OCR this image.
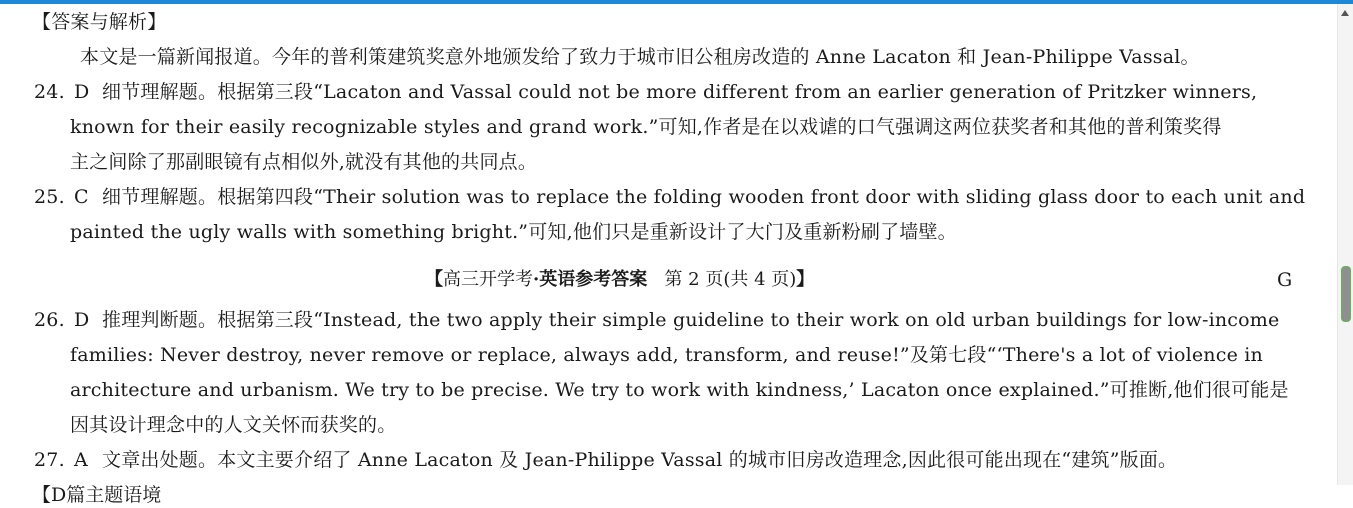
【答案与解析】
本文是一篇新闻报道。今年的普利策建筑奖意外地颁发给了致力于城市旧公租房改造的 Anne Lacaton 和 Jean-Philippe Vassal。
24. D 细节理解题。根据第三段“Lacaton and Vassal could not be more different from an earlier generation of Pritzker winners,
known for their easily recognizable styles and grand work.”可知,作者是在以戏谑的口气强调这两位获奖者和其他的普利策奖得
主之间除了那副眼镜有点相似外,就没有其他的共同点。
25. C 细节理解题。根据第四段“Their solution was to replace the folding wooden front door with sliding glass door to each unit and
painted the ugly walls with something bright.”可知,他们只是重新设计了大门及重新粉刷了墙壁。
【高三开学考·英语参考答案 第 2 页(共 4 页)】	G
26. D 推理判断题。根据第三段“Instead, the two apply their simple guideline to their work on old urban buildings for low-income
families: Never destroy, never remove or replace, always add, transform, and reuse!”及第七段“‘There's a lot of violence in
architecture and urbanism. We try to be precise. We try to work with kindness,’ Lacaton once explained.”可推断,他们很可能是
因其设计理念中的人文关怀而获奖的。
27. A 文章出处题。本文主要介绍了 Anne Lacaton 及 Jean-Philippe Vassal 的城市旧房改造理念,因此很可能出现在“建筑”版面。
【D篇主题语境
